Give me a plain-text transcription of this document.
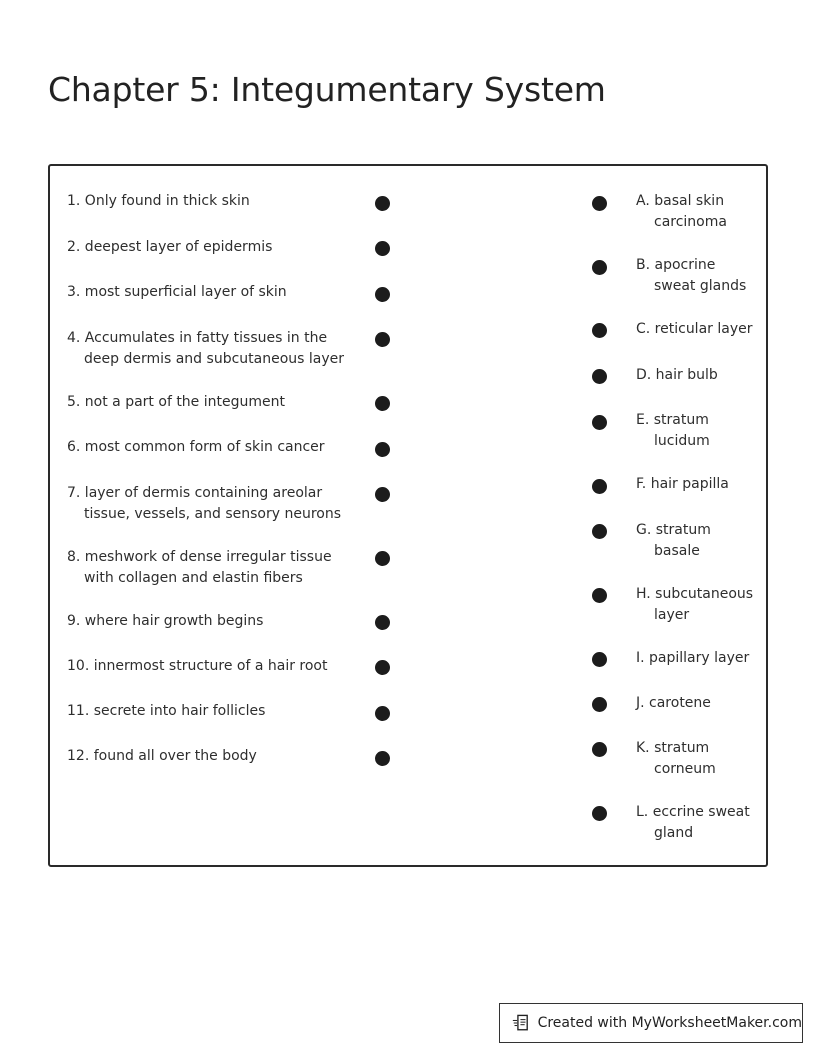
Chapter 5: Integumentary System
1. Only found in thick skin
2. deepest layer of epidermis
3. most superficial layer of skin
4. Accumulates in fatty tissues in the
deep dermis and subcutaneous layer
5. not a part of the integument
6. most common form of skin cancer
7. layer of dermis containing areolar
tissue, vessels, and sensory neurons
8. meshwork of dense irregular tissue
with collagen and elastin fibers
9. where hair growth begins
10. innermost structure of a hair root
11. secrete into hair follicles
12. found all over the body
A. basal skin
carcinoma
B. apocrine
sweat glands
C. reticular layer
D. hair bulb
E. stratum
lucidum
F. hair papilla
G. stratum
basale
H. subcutaneous
layer
I. papillary layer
J. carotene
K. stratum
corneum
L. eccrine sweat
gland
Created with MyWorksheetMaker.com
